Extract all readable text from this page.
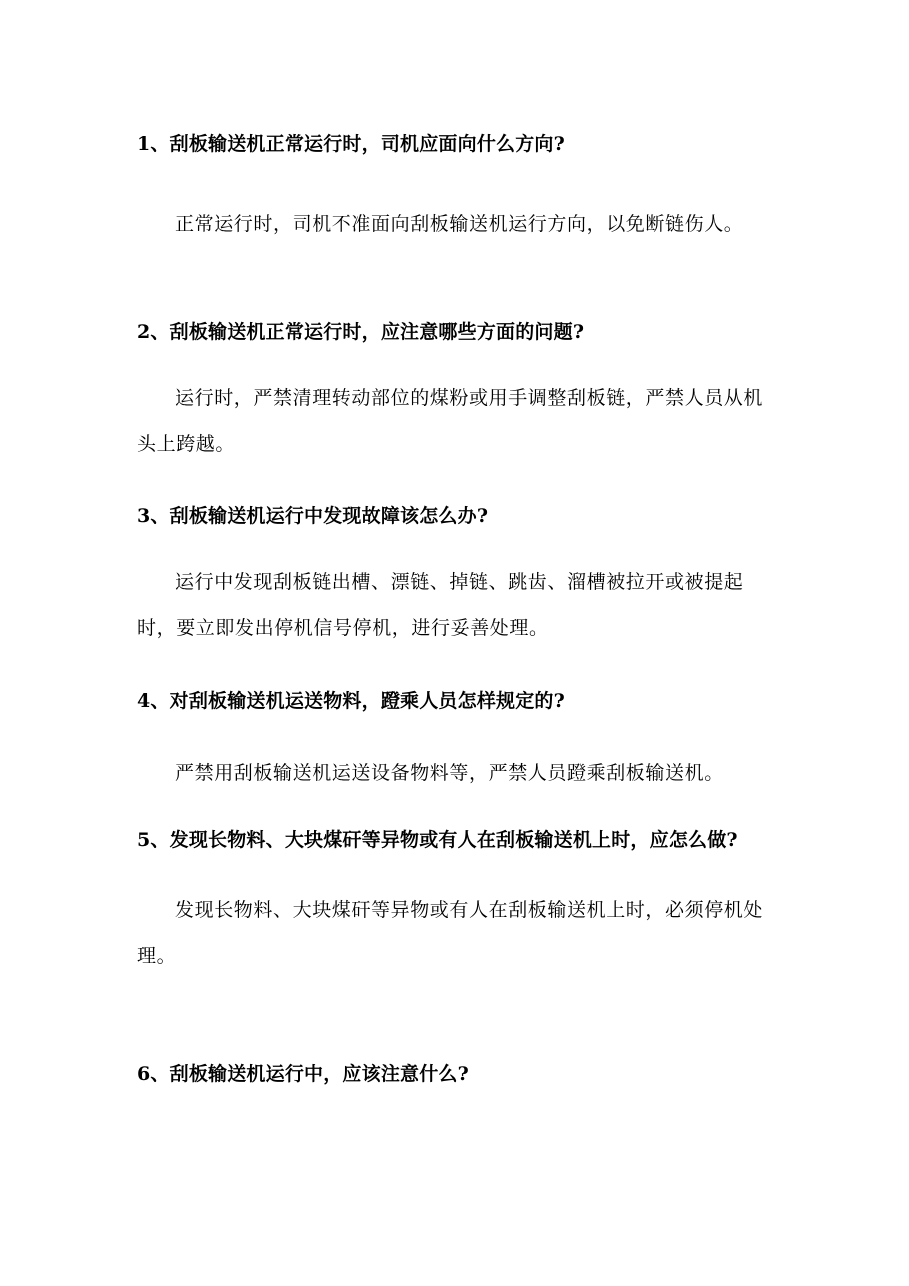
1、刮板输送机正常运行时，司机应面向什么方向?

正常运行时，司机不准面向刮板输送机运行方向，以免断链伤人。

2、刮板输送机正常运行时，应注意哪些方面的问题?

运行时，严禁清理转动部位的煤粉或用手调整刮板链，严禁人员从机头上跨越。

3、刮板输送机运行中发现故障该怎么办?

运行中发现刮板链出槽、漂链、掉链、跳齿、溜槽被拉开或被提起时，要立即发出停机信号停机，进行妥善处理。

4、对刮板输送机运送物料，蹬乘人员怎样规定的?

严禁用刮板输送机运送设备物料等，严禁人员蹬乘刮板输送机。

5、发现长物料、大块煤矸等异物或有人在刮板输送机上时，应怎么做?

发现长物料、大块煤矸等异物或有人在刮板输送机上时，必须停机处理。

6、刮板输送机运行中，应该注意什么?
